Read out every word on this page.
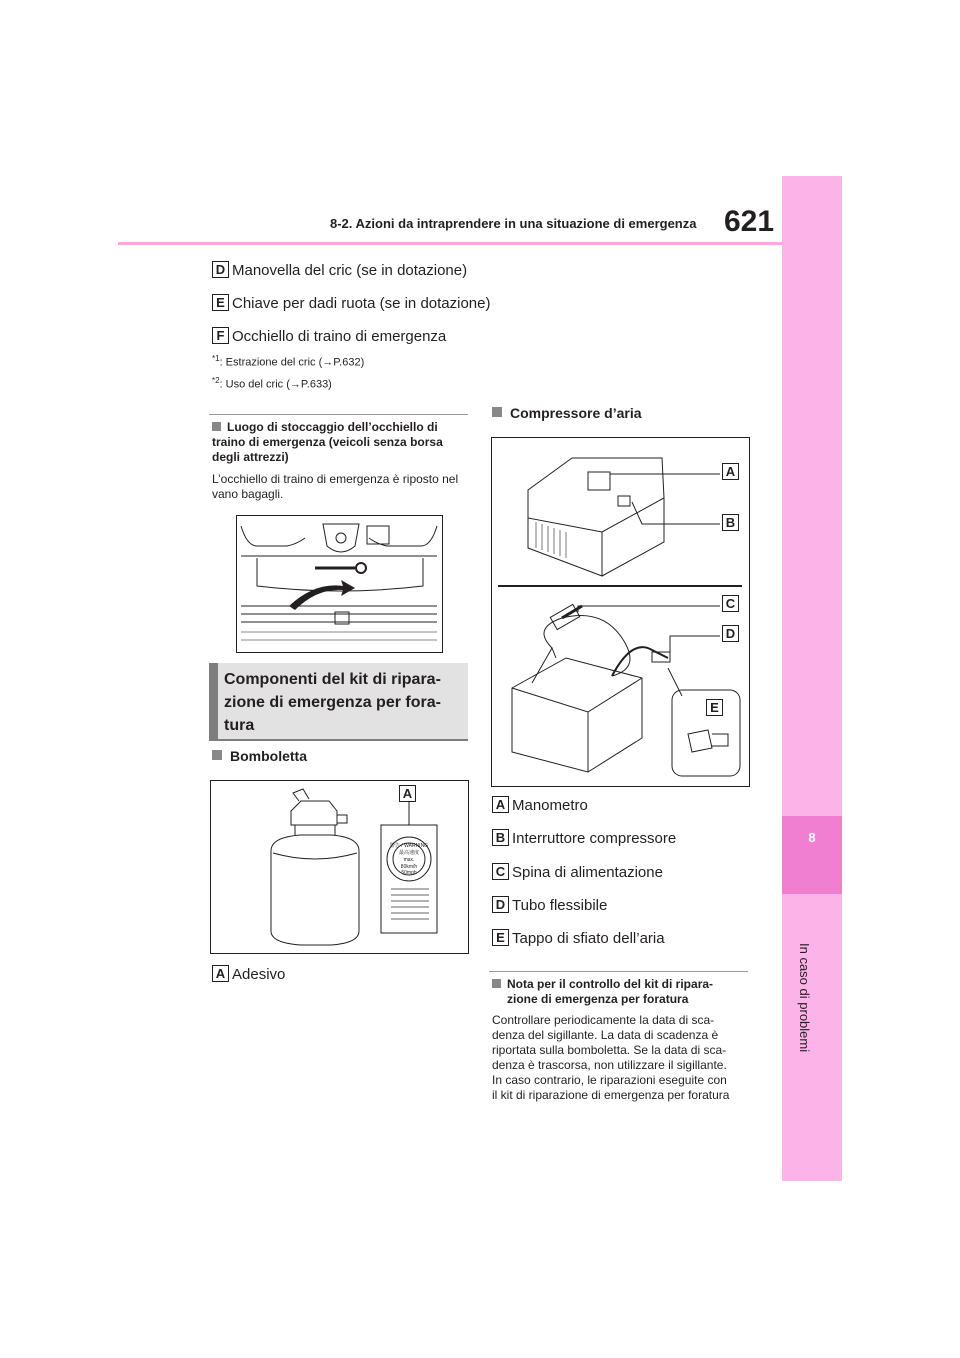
8-2. Azioni da intraprendere in una situazione di emergenza 621
8
In caso di problemi
D Manovella del cric (se in dotazione)
E Chiave per dadi ruota (se in dotazione)
F Occhiello di traino di emergenza
$^{*1}$: Estrazione del cric (→P.632)
$^{*2}$: Uso del cric (→P.633)
Luogo di stoccaggio dell’occhiello di traino di emergenza (veicoli senza borsa degli attrezzi)
L’occhiello di traino di emergenza è riposto nel vano bagagli.
Componenti del kit di ripara-
zione di emergenza per fora-
tura
Bomboletta
警告 / WARNING
最高速度
max.
80km/h
50mph
A
A Adesivo
Compressore d’aria
A
B
C
D
E
A Manometro
B Interruttore compressore
C Spina di alimentazione
D Tubo flessibile
E Tappo di sfiato dell’aria
Nota per il controllo del kit di ripara-
zione di emergenza per foratura
Controllare periodicamente la data di sca-
denza del sigillante. La data di scadenza è
riportata sulla bomboletta. Se la data di sca-
denza è trascorsa, non utilizzare il sigillante.
In caso contrario, le riparazioni eseguite con
il kit di riparazione di emergenza per foratura
